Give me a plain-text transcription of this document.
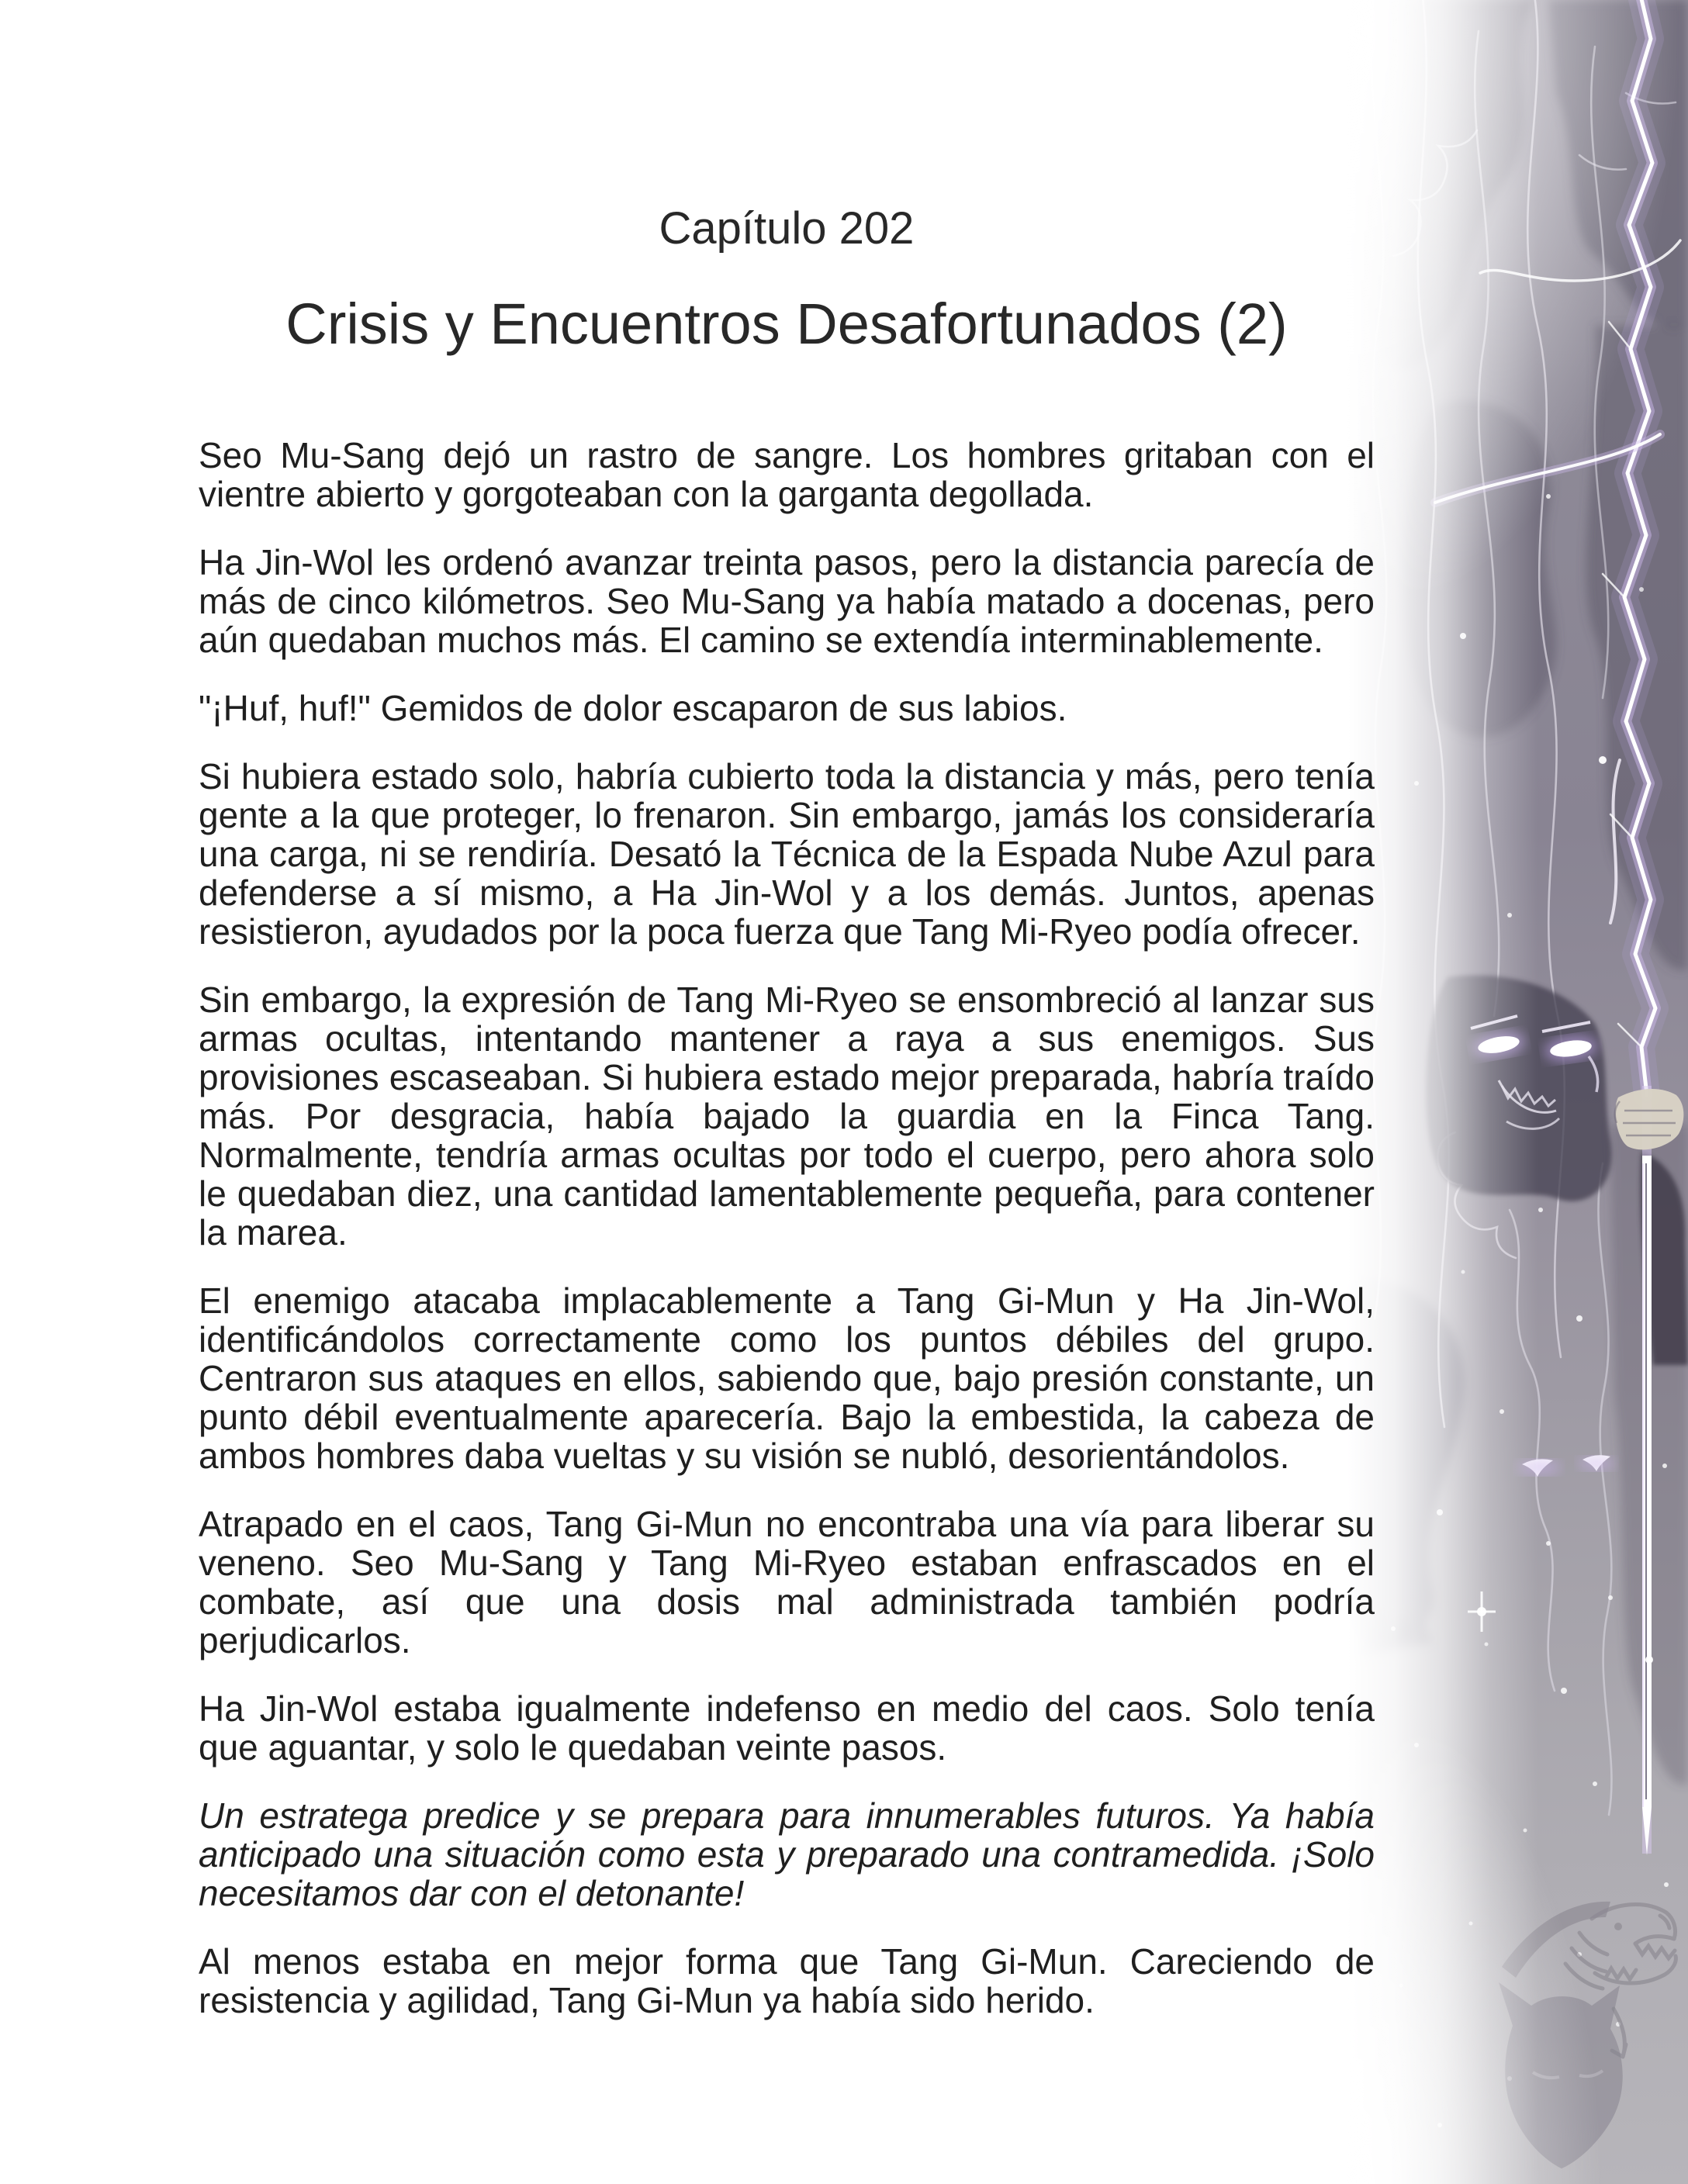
Capítulo 202
Crisis y Encuentros Desafortunados (2)

Seo Mu-Sang dejó un rastro de sangre. Los hombres gritaban con el vientre abierto y gorgoteaban con la garganta degollada.

Ha Jin-Wol les ordenó avanzar treinta pasos, pero la distancia parecía de más de cinco kilómetros. Seo Mu-Sang ya había matado a docenas, pero aún quedaban muchos más. El camino se extendía interminablemente.

"¡Huf, huf!" Gemidos de dolor escaparon de sus labios.

Si hubiera estado solo, habría cubierto toda la distancia y más, pero tenía gente a la que proteger, lo frenaron. Sin embargo, jamás los consideraría una carga, ni se rendiría. Desató la Técnica de la Espada Nube Azul para defenderse a sí mismo, a Ha Jin-Wol y a los demás. Juntos, apenas resistieron, ayudados por la poca fuerza que Tang Mi-Ryeo podía ofrecer.

Sin embargo, la expresión de Tang Mi-Ryeo se ensombreció al lanzar sus armas ocultas, intentando mantener a raya a sus enemigos. Sus provisiones escaseaban. Si hubiera estado mejor preparada, habría traído más. Por desgracia, había bajado la guardia en la Finca Tang. Normalmente, tendría armas ocultas por todo el cuerpo, pero ahora solo le quedaban diez, una cantidad lamentablemente pequeña, para contener la marea.

El enemigo atacaba implacablemente a Tang Gi-Mun y Ha Jin-Wol, identificándolos correctamente como los puntos débiles del grupo. Centraron sus ataques en ellos, sabiendo que, bajo presión constante, un punto débil eventualmente aparecería. Bajo la embestida, la cabeza de ambos hombres daba vueltas y su visión se nubló, desorientándolos.

Atrapado en el caos, Tang Gi-Mun no encontraba una vía para liberar su veneno. Seo Mu-Sang y Tang Mi-Ryeo estaban enfrascados en el combate, así que una dosis mal administrada también podría perjudicarlos.

Ha Jin-Wol estaba igualmente indefenso en medio del caos. Solo tenía que aguantar, y solo le quedaban veinte pasos.

Un estratega predice y se prepara para innumerables futuros. Ya había anticipado una situación como esta y preparado una contramedida. ¡Solo necesitamos dar con el detonante!

Al menos estaba en mejor forma que Tang Gi-Mun. Careciendo de resistencia y agilidad, Tang Gi-Mun ya había sido herido.
